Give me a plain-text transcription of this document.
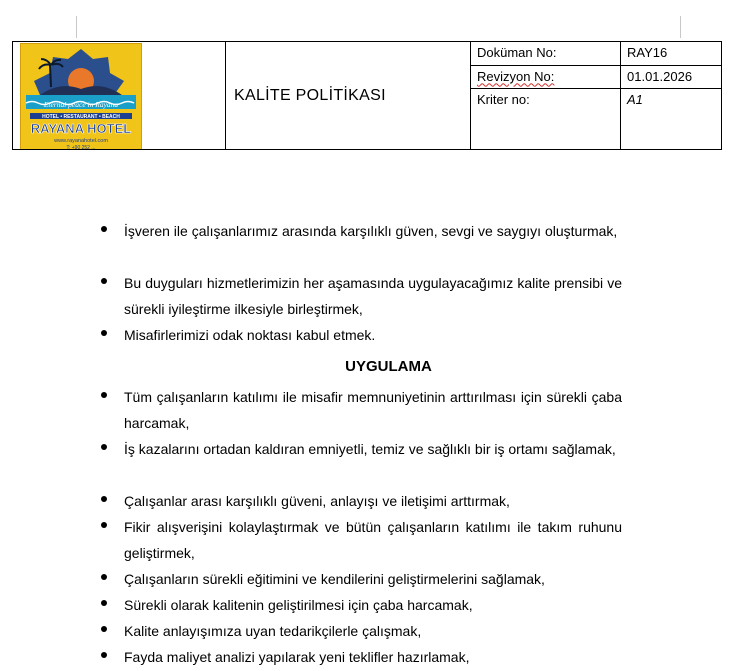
Eternal peace in Rayana
HOTEL • RESTAURANT • BEACH
RAYANA HOTEL
www.rayanahotel.com
T: +90 252 ...	KALİTE POLİTİKASI	Doküman No:	RAY16
		Revizyon No:	01.01.2026
		Kriter no:	A1
İşveren ile çalışanlarımız arasında karşılıklı güven, sevgi ve saygıyı oluşturmak,
Bu duyguları hizmetlerimizin her aşamasında uygulayacağımız kalite prensibi ve sürekli iyileştirme ilkesiyle birleştirmek,
Misafirlerimizi odak noktası kabul etmek.
UYGULAMA
Tüm çalışanların katılımı ile misafir memnuniyetinin arttırılması için sürekli çaba harcamak,
İş kazalarını ortadan kaldıran emniyetli, temiz ve sağlıklı bir iş ortamı sağlamak,
Çalışanlar arası karşılıklı güveni, anlayışı ve iletişimi arttırmak,
Fikir alışverişini kolaylaştırmak ve bütün çalışanların katılımı ile takım ruhunu geliştirmek,
Çalışanların sürekli eğitimini ve kendilerini geliştirmelerini sağlamak,
Sürekli olarak kalitenin geliştirilmesi için çaba harcamak,
Kalite anlayışımıza uyan tedarikçilerle çalışmak,
Fayda maliyet analizi yapılarak yeni teklifler hazırlamak,
